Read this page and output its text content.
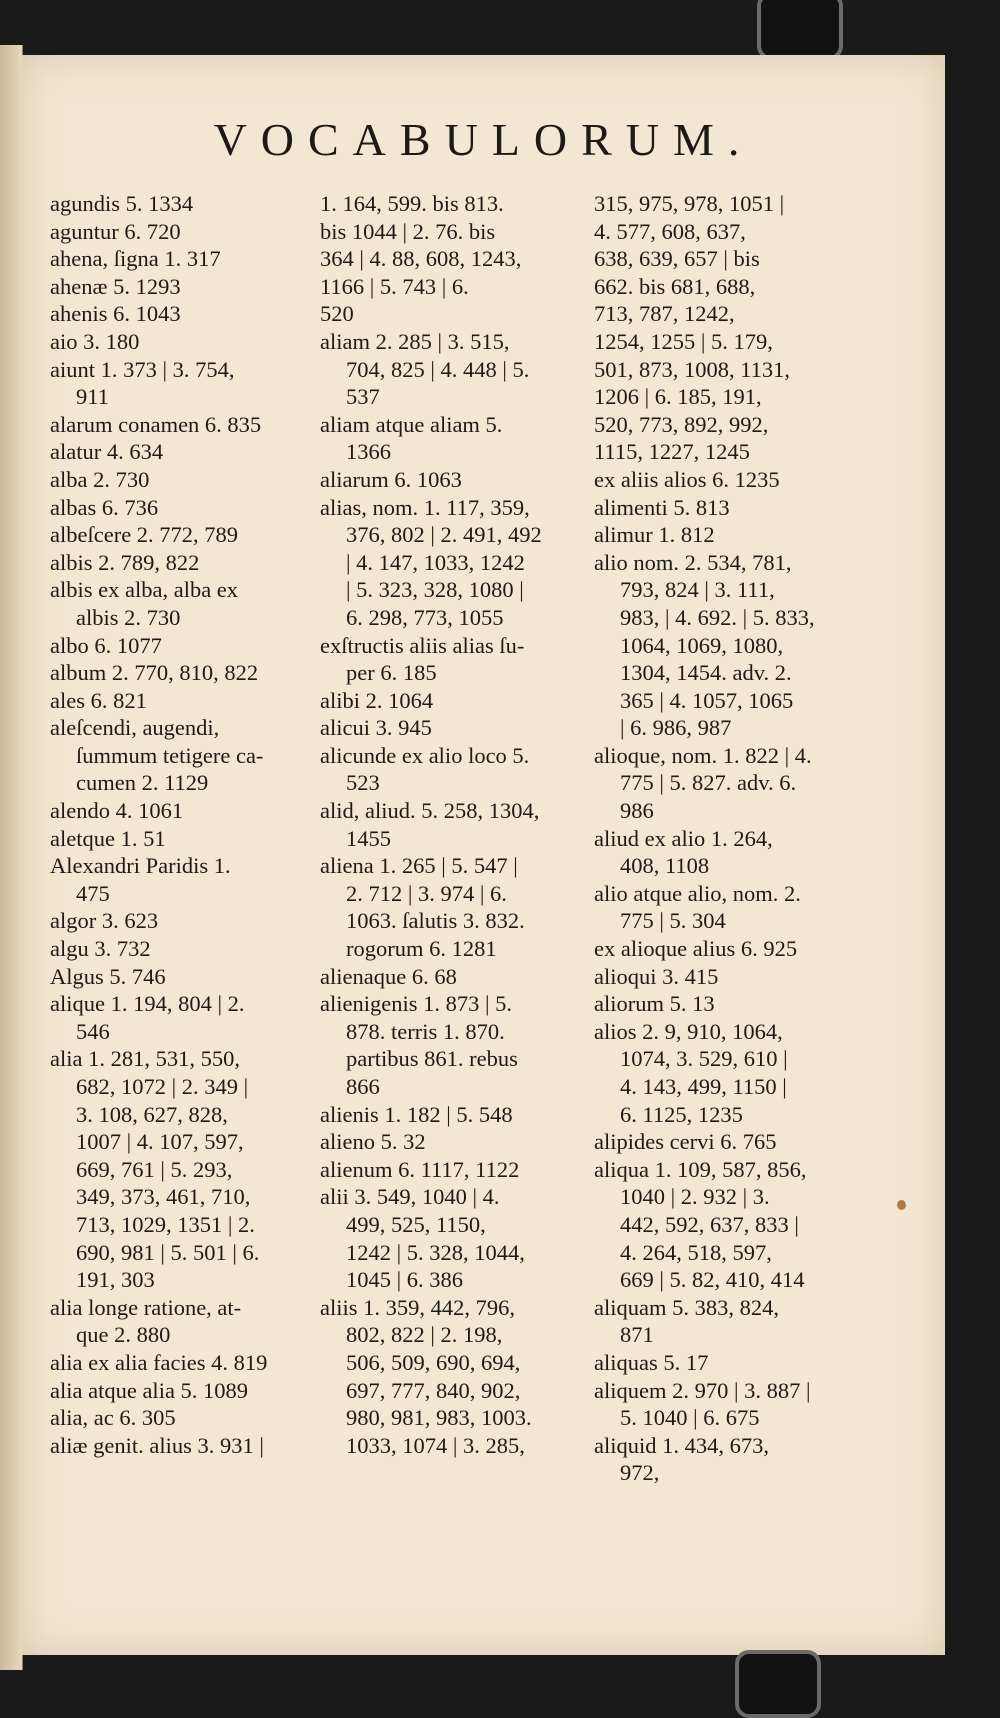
VOCABULORUM.
agundis 5. 1334
aguntur 6. 720
ahena, ſigna 1. 317
ahenæ 5. 1293
ahenis 6. 1043
aio 3. 180
aiunt 1. 373 | 3. 754,
911
alarum conamen 6. 835
alatur 4. 634
alba 2. 730
albas 6. 736
albeſcere 2. 772, 789
albis 2. 789, 822
albis ex alba, alba ex
albis 2. 730
albo 6. 1077
album 2. 770, 810, 822
ales 6. 821
aleſcendi, augendi,
ſummum tetigere ca-
cumen 2. 1129
alendo 4. 1061
aletque 1. 51
Alexandri Paridis 1.
475
algor 3. 623
algu 3. 732
Algus 5. 746
alique 1. 194, 804 | 2.
546
alia 1. 281, 531, 550,
682, 1072 | 2. 349 |
3. 108, 627, 828,
1007 | 4. 107, 597,
669, 761 | 5. 293,
349, 373, 461, 710,
713, 1029, 1351 | 2.
690, 981 | 5. 501 | 6.
191, 303
alia longe ratione, at-
que 2. 880
alia ex alia facies 4. 819
alia atque alia 5. 1089
alia, ac 6. 305
aliæ genit. alius 3. 931 |
1. 164, 599. bis 813.
bis 1044 | 2. 76. bis
364 | 4. 88, 608, 1243,
1166 | 5. 743 | 6.
520
aliam 2. 285 | 3. 515,
704, 825 | 4. 448 | 5.
537
aliam atque aliam 5.
1366
aliarum 6. 1063
alias, nom. 1. 117, 359,
376, 802 | 2. 491, 492
| 4. 147, 1033, 1242
| 5. 323, 328, 1080 |
6. 298, 773, 1055
exſtructis aliis alias ſu-
per 6. 185
alibi 2. 1064
alicui 3. 945
alicunde ex alio loco 5.
523
alid, aliud. 5. 258, 1304,
1455
aliena 1. 265 | 5. 547 |
2. 712 | 3. 974 | 6.
1063. ſalutis 3. 832.
rogorum 6. 1281
alienaque 6. 68
alienigenis 1. 873 | 5.
878. terris 1. 870.
partibus 861. rebus
866
alienis 1. 182 | 5. 548
alieno 5. 32
alienum 6. 1117, 1122
alii 3. 549, 1040 | 4.
499, 525, 1150,
1242 | 5. 328, 1044,
1045 | 6. 386
aliis 1. 359, 442, 796,
802, 822 | 2. 198,
506, 509, 690, 694,
697, 777, 840, 902,
980, 981, 983, 1003.
1033, 1074 | 3. 285,
315, 975, 978, 1051 |
4. 577, 608, 637,
638, 639, 657 | bis
662. bis 681, 688,
713, 787, 1242,
1254, 1255 | 5. 179,
501, 873, 1008, 1131,
1206 | 6. 185, 191,
520, 773, 892, 992,
1115, 1227, 1245
ex aliis alios 6. 1235
alimenti 5. 813
alimur 1. 812
alio nom. 2. 534, 781,
793, 824 | 3. 111,
983, | 4. 692. | 5. 833,
1064, 1069, 1080,
1304, 1454. adv. 2.
365 | 4. 1057, 1065
| 6. 986, 987
alioque, nom. 1. 822 | 4.
775 | 5. 827. adv. 6.
986
aliud ex alio 1. 264,
408, 1108
alio atque alio, nom. 2.
775 | 5. 304
ex alioque alius 6. 925
alioqui 3. 415
aliorum 5. 13
alios 2. 9, 910, 1064,
1074, 3. 529, 610 |
4. 143, 499, 1150 |
6. 1125, 1235
alipides cervi 6. 765
aliqua 1. 109, 587, 856,
1040 | 2. 932 | 3.
442, 592, 637, 833 |
4. 264, 518, 597,
669 | 5. 82, 410, 414
aliquam 5. 383, 824,
871
aliquas 5. 17
aliquem 2. 970 | 3. 887 |
5. 1040 | 6. 675
aliquid 1. 434, 673,
972,
